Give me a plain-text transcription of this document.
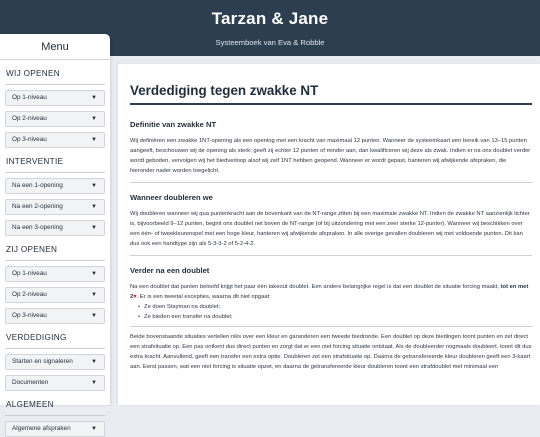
Tarzan & Jane
Systeemboek van Eva & Robble
Menu
WIJ OPENEN
Op 1-niveau	▼
Op 2-niveau	▼
Op 3-niveau	▼
INTERVENTIE
Na een 1-opening	▼
Na een 2-opening	▼
Na een 3-opening	▼
ZIJ OPENEN
Op 1-niveau	▼
Op 2-niveau	▼
Op 3-niveau	▼
VERDEDIGING
Starten en signaleren	▼
Documenten	▼
ALGEMEEN
Algemene afspraken	▼
Verdediging tegen zwakke NT
Definitie van zwakke NT
Wij definiëren een zwakke 1NT-opening als een opening met een kracht van maximaal 12 punten. Wanneer de systeemkaart een bereik van 13–15 punten aangeeft, beschouwen wij de opening als sterk; geeft zij echter 12 punten of minder aan, dan kwalificeren wij deze als zwak. Indien er na ons doublet verder wordt geboden, vervolgen wij het biedverloop alsof wij zelf 1NT hebben geopend. Wanneer er wordt gepast, hanteren wij afwijkende afspraken, die hieronder nader worden toegelicht.
Wanneer doubleren we
Wij doubleren wanneer wij qua puntenkracht aan de bovenkant van de NT-range zitten bij een maximale zwakke NT. Indien de zwakke NT aanzienlijk lichter is, bijvoorbeeld 9–12 punten, begint ons doublet net boven de NT-range (of bij uitzondering met een zeer sterke 12-punter). Wanneer wij beschikken over een één- of tweekleurenspel met een hoge kleur, hanteren wij afwijkende afspraken. In alle overige gevallen doubleren wij met voldoende punten. Dit kan dus ook een handtype zijn als 5-3-3-2 of 5-2-4-2.
Verder na een doublet
Na een doublet dat punten beloofd krijgt het paar één takeout doublet. Een andere belangrijke regel is dat een doublet de situatie forcing maakt, tot en met 2♥. Er is een tweetal excepties, waarna dit niet opgaat:
• Ze doen Stayman na doublet;
• Ze bieden een transfer na doublet;
Beide bovenstaande situaties vertellen niks over een kleur en garanderen een tweede biedronde. Een doublet op deze biedingen toont punten en zet direct een strafsituatie op. Een pas ontkent dus direct punten en zorgt dat er een niet forcing situatie ontstaat. Als de doubleerder nogmaals doubleert, toont dit dus extra kracht. Aanvullend, geeft een transfer een extra optie. Doubleren zet een strafsituatie op. Daarna de getransfereerde kleur doubleren geeft een 3-kaart aan. Eerst passen, wat een niet forcing is situatie opzet, en daarna de getransfereerde kleur doubleren toont een strafdoublet met minimaal een
